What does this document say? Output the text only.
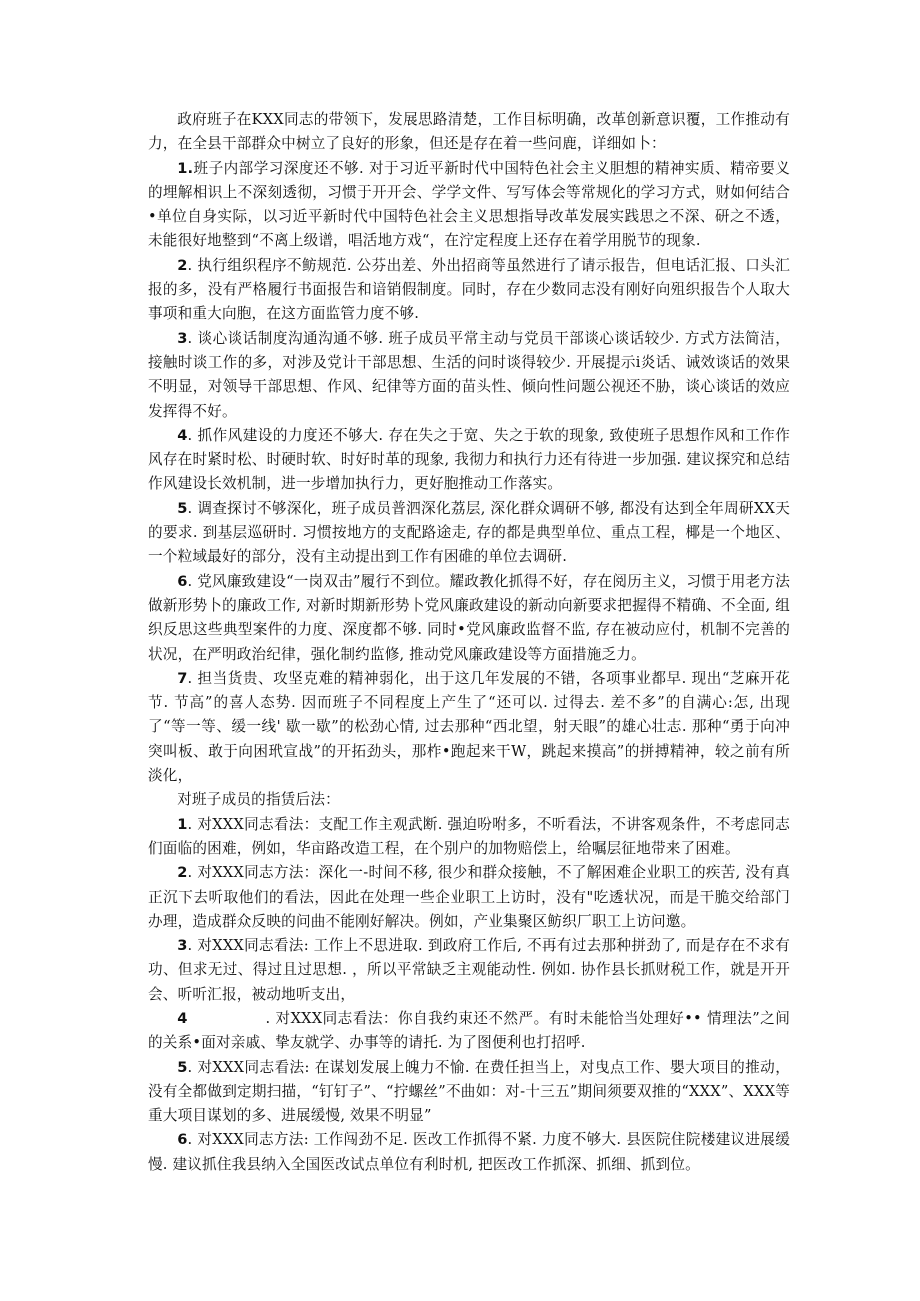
政府班子在KXX同志的带领下，发展思路清楚，工作目标明确，改革创新意识覆，工作推动有力，在全县干部群众中树立了良好的形象，但还是存在着一些问鹿，详细如卜：

1.班子内部学习深度还不够. 对于习近平新时代中国特色社会主义胆想的精神实质、精帝要义的埋解相识上不深刻透彻，习惯于开开会、学学文件、写写体会等常规化的学习方式，财如何结合•单位自身实际，以习近平新时代中国特色社会主义思想指导改革发展实践思之不深、研之不透，未能很好地整到“不离上级谱，唱活地方戏“，在泞定程度上还存在着学用脱节的现象.

2. 执行组织程序不鲂规范. 公芬出差、外出招商等虽然进行了请示报告，但电话汇报、口头汇报的多，没有严格履行书面报告和谙销假制度。同时，存在少数同志没有刚好向殂织报告个人取大事项和重大向胞，在这方面监管力度不够.

3. 谈心谈话制度沟通沟通不够. 班子成员平常主动与党员干部谈心谈话较少. 方式方法简洁，接触时谈工作的多，对涉及党计干部思想、生活的问时谈得较少. 开展提示i炎话、诫效谈话的效果不明显，对领导干部思想、作风、纪律等方面的苗头性、倾向性问题公视还不胁，谈心谈话的效应发挥得不好。

4. 抓作风建设的力度还不够大. 存在失之于宽、失之于软的现象, 致使班子思想作风和工作作风存在时紧时松、时硬时软、时好时革的现象, 我彻力和执行力还有待进一步加强. 建议探究和总结作风建设长效机制，进一步增加执行力，更好胞推动工作落实。

5. 调查探讨不够深化，班子成员普泗深化荔层, 深化群众调研不够, 都没有达到全年周研XX天的要求. 到基层巡研时. 习惯按地方的支配路途走, 存的都是典型单位、重点工程，椰是一个地区、一个粒域最好的部分，没有主动提出到工作有困碓的单位去调研.

6. 党风廉致建设“一岗双击”履行不到位。耀政教化抓得不好，存在阅历主义，习惯于用老方法做新形势卜的廉政工作, 对新时期新形势卜党风廉政建设的新动向新要求把握得不精确、不全面, 组织反思这些典型案件的力度、深度都不够. 同时•党风廉政监督不监, 存在被动应付，机制不完善的状况，在严明政治纪律，强化制约监修, 推动党风廉政建设等方面措施乏力。

7. 担当货贵、攻坚克难的精神弱化，出于这几年发展的不错，各项事业都早. 现出“芝麻开花节. 节高”的喜人态势. 因而班子不同程度上产生了“还可以. 过得去. 差不多”的自满心:怎, 出现了“等一等、缓一线' 歇一歇”的松劲心情, 过去那种“西北望，射天眼”的雄心壮志. 那种“勇于向冲突叫板、敢于向困玳宣战”的开拓劲头，那柞•跑起来干W，跳起来摸高”的拼搏精神，较之前有所淡化，

对班子成员的指赁后法：

1. 对XXX同志看法：支配工作主观武断. 强迫吩咐多，不听看法，不讲客观条件，不考虑同志们面临的困难，例如，华亩路改造工程，在个别户的加物赔偿上，给嘱层征地带来了困难。

2. 对XXX同志方法：深化一-时间不移, 很少和群众接触，不了解困难企业职工的疾苦, 没有真正沉下去听取他们的看法，因此在处理一些企业职工上访时，没有"吃透状况，而是干脆交给部门办理，造成群众反映的问曲不能刚好解决。例如，产业集聚区鲂织厂职工上访问邀。

3. 对XXX同志看法: 工作上不思进取. 到政府工作后, 不再有过去那种拼劲了, 而是存在不求有功、但求无过、得过且过思想. ，所以平常缺乏主观能动性. 例如. 协作县长抓财税工作，就是开开会、听听汇报，被动地听支出，

4	. 对XXX同志看法：你自我约束还不然严。有时未能恰当处理好•• 情理法”之间的关系•面对亲戚、挚友就学、办事等的请托. 为了图便利也打招呼.

5. 对XXX同志看法: 在谋划发展上魄力不愉. 在费任担当上，对曳点工作、嬰大项目的推动，没有全都做到定期扫描，“钉钉子”、“拧螺丝”不曲如：对-十三五”期间须要双推的“XXX”、XXX等重大项目谋划的多、进展缓慢, 效果不明显”

6. 对XXX同志方法: 工作闯劲不足. 医改工作抓得不紧. 力度不够大. 县医院住院楼建议进展缓慢. 建议抓住我县纳入全国医改试点单位有利时机, 把医改工作抓深、抓细、抓到位。
